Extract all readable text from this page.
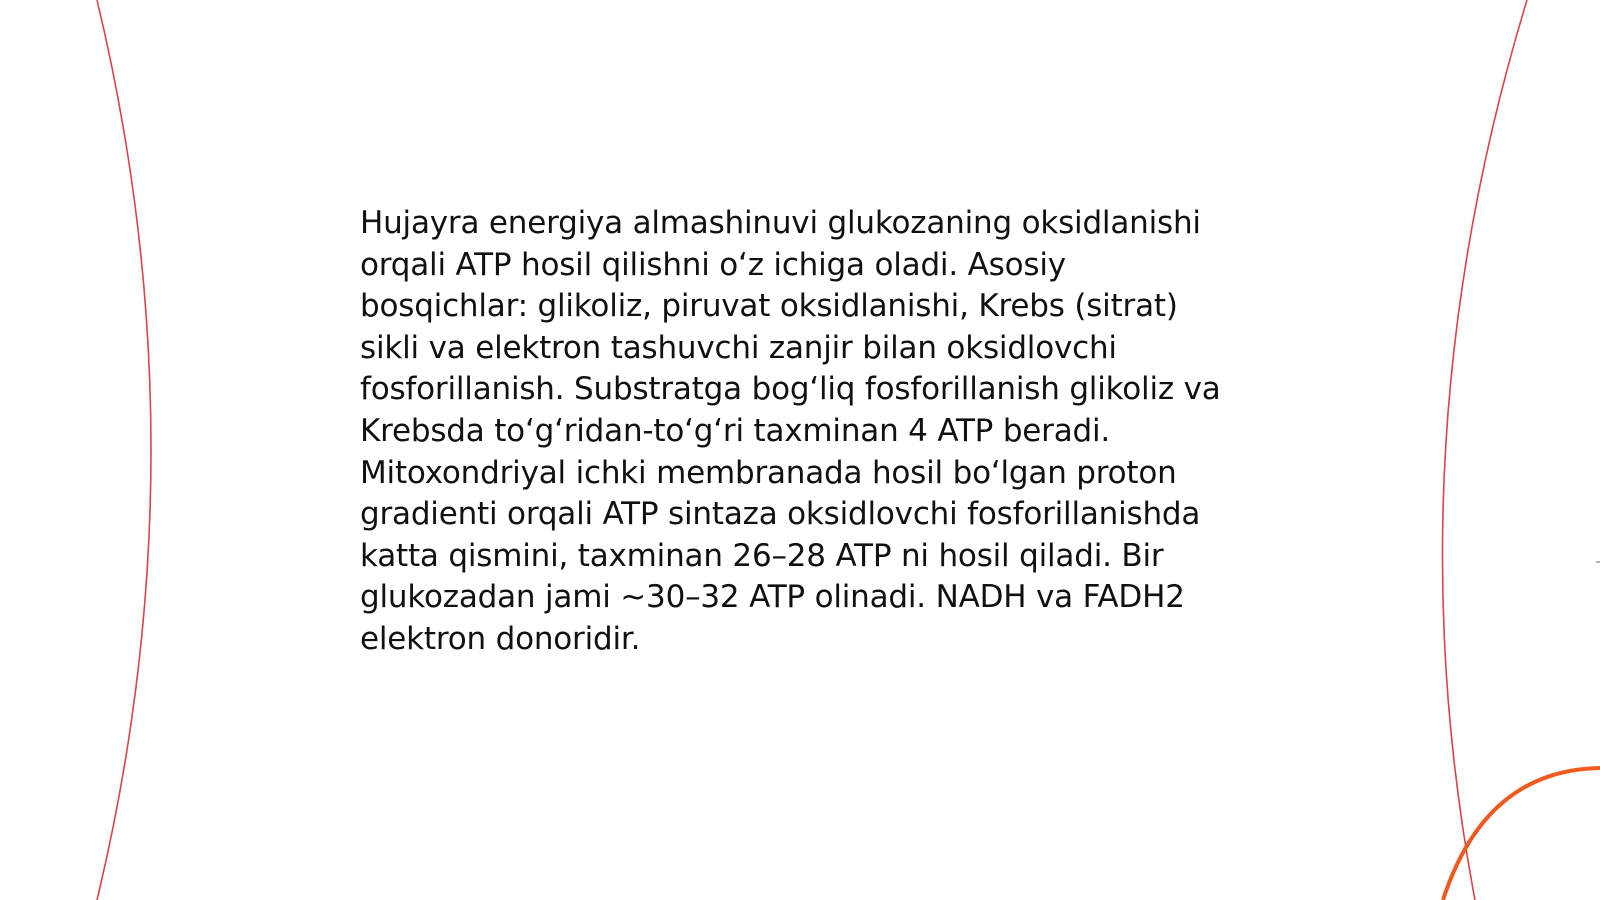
Hujayra energiya almashinuvi glukozaning oksidlanishi orqali ATP hosil qilishni oʻz ichiga oladi. Asosiy bosqichlar: glikoliz, piruvat oksidlanishi, Krebs (sitrat) sikli va elektron tashuvchi zanjir bilan oksidlovchi fosforillanish. Substratga bogʻliq fosforillanish glikoliz va Krebsda toʻgʻridan-toʻgʻri taxminan 4 ATP beradi. Mitoxondriyal ichki membranada hosil boʻlgan proton gradienti orqali ATP sintaza oksidlovchi fosforillanishda katta qismini, taxminan 26–28 ATP ni hosil qiladi. Bir glukozadan jami ~30–32 ATP olinadi. NADH va FADH2 elektron donoridir.
